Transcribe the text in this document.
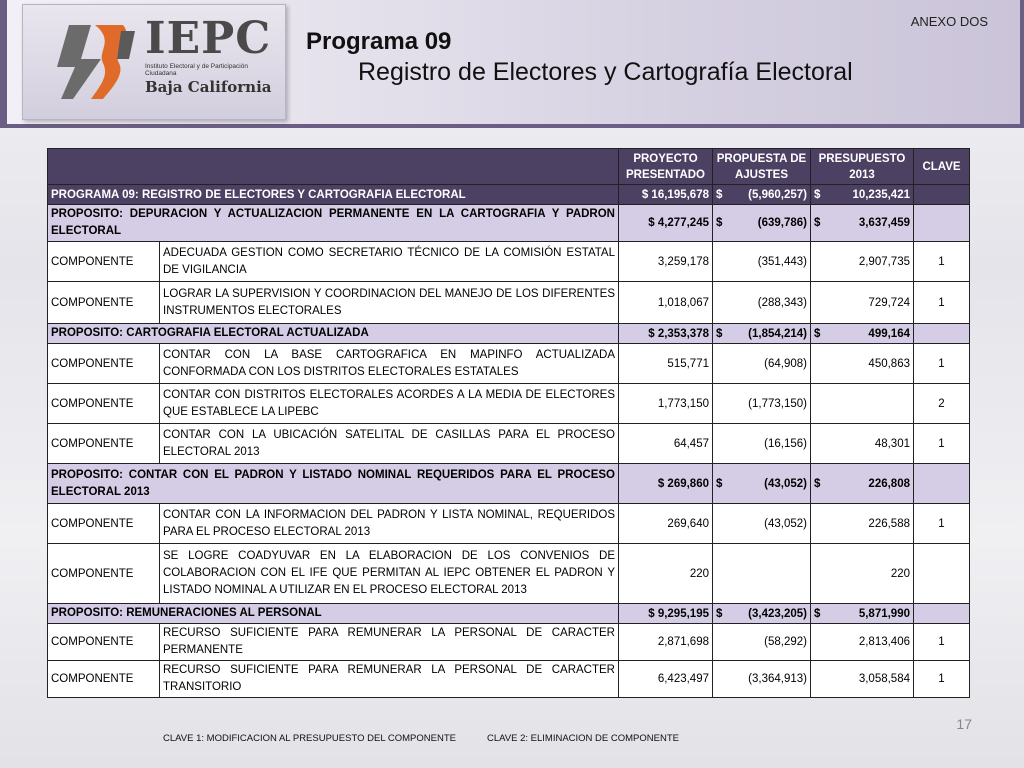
IEPC
Instituto Electoral y de Participación Ciudadana
Baja California
ANEXO DOS
Programa 09
Registro de Electores y Cartografía Electoral
		PROYECTO PRESENTADO	PROPUESTA DE AJUSTES	PRESUPUESTO 2013	CLAVE
PROGRAMA 09: REGISTRO DE ELECTORES Y CARTOGRAFIA ELECTORAL		$ 16,195,678	$ (5,960,257)	$ 10,235,421	

PROPOSITO: DEPURACION Y ACTUALIZACION PERMANENTE EN LA CARTOGRAFIA Y PADRON ELECTORAL		$ 4,277,245	$ (639,786)	$ 3,637,459	

COMPONENTE	ADECUADA GESTION COMO SECRETARIO TÉCNICO DE LA COMISIÓN ESTATAL DE VIGILANCIA	3,259,178	(351,443)	2,907,735	1
COMPONENTE	LOGRAR LA SUPERVISION Y COORDINACION DEL MANEJO DE LOS DIFERENTES INSTRUMENTOS ELECTORALES	1,018,067	(288,343)	729,724	1
PROPOSITO: CARTOGRAFIA ELECTORAL ACTUALIZADA		$ 2,353,378	$ (1,854,214)	$ 499,164	

COMPONENTE	CONTAR CON LA BASE CARTOGRAFICA EN MAPINFO ACTUALIZADA CONFORMADA CON LOS DISTRITOS ELECTORALES ESTATALES	515,771	(64,908)	450,863	1
COMPONENTE	CONTAR CON DISTRITOS ELECTORALES ACORDES A LA MEDIA DE ELECTORES QUE ESTABLECE LA LIPEBC	1,773,150	(1,773,150)		2
COMPONENTE	CONTAR CON LA UBICACIÓN SATELITAL DE CASILLAS PARA EL PROCESO ELECTORAL 2013	64,457	(16,156)	48,301	1
PROPOSITO: CONTAR CON EL PADRON Y LISTADO NOMINAL REQUERIDOS PARA EL PROCESO ELECTORAL 2013		$ 269,860	$ (43,052)	$ 226,808	

COMPONENTE	CONTAR CON LA INFORMACION DEL PADRON Y LISTA NOMINAL, REQUERIDOS PARA EL PROCESO ELECTORAL 2013	269,640	(43,052)	226,588	1
COMPONENTE	SE LOGRE COADYUVAR EN LA ELABORACION DE LOS CONVENIOS DE COLABORACION CON EL IFE QUE PERMITAN AL IEPC OBTENER EL PADRON Y LISTADO NOMINAL A UTILIZAR EN EL PROCESO ELECTORAL 2013	220		220	
PROPOSITO: REMUNERACIONES AL PERSONAL		$ 9,295,195	$ (3,423,205)	$ 5,871,990	

COMPONENTE	RECURSO SUFICIENTE PARA REMUNERAR LA PERSONAL DE CARACTER PERMANENTE	2,871,698	(58,292)	2,813,406	1
COMPONENTE	RECURSO SUFICIENTE PARA REMUNERAR LA PERSONAL DE CARACTER TRANSITORIO	6,423,497	(3,364,913)	3,058,584	1
17
CLAVE 1: MODIFICACION AL PRESUPUESTO DEL COMPONENTE	CLAVE 2: ELIMINACION DE COMPONENTE
